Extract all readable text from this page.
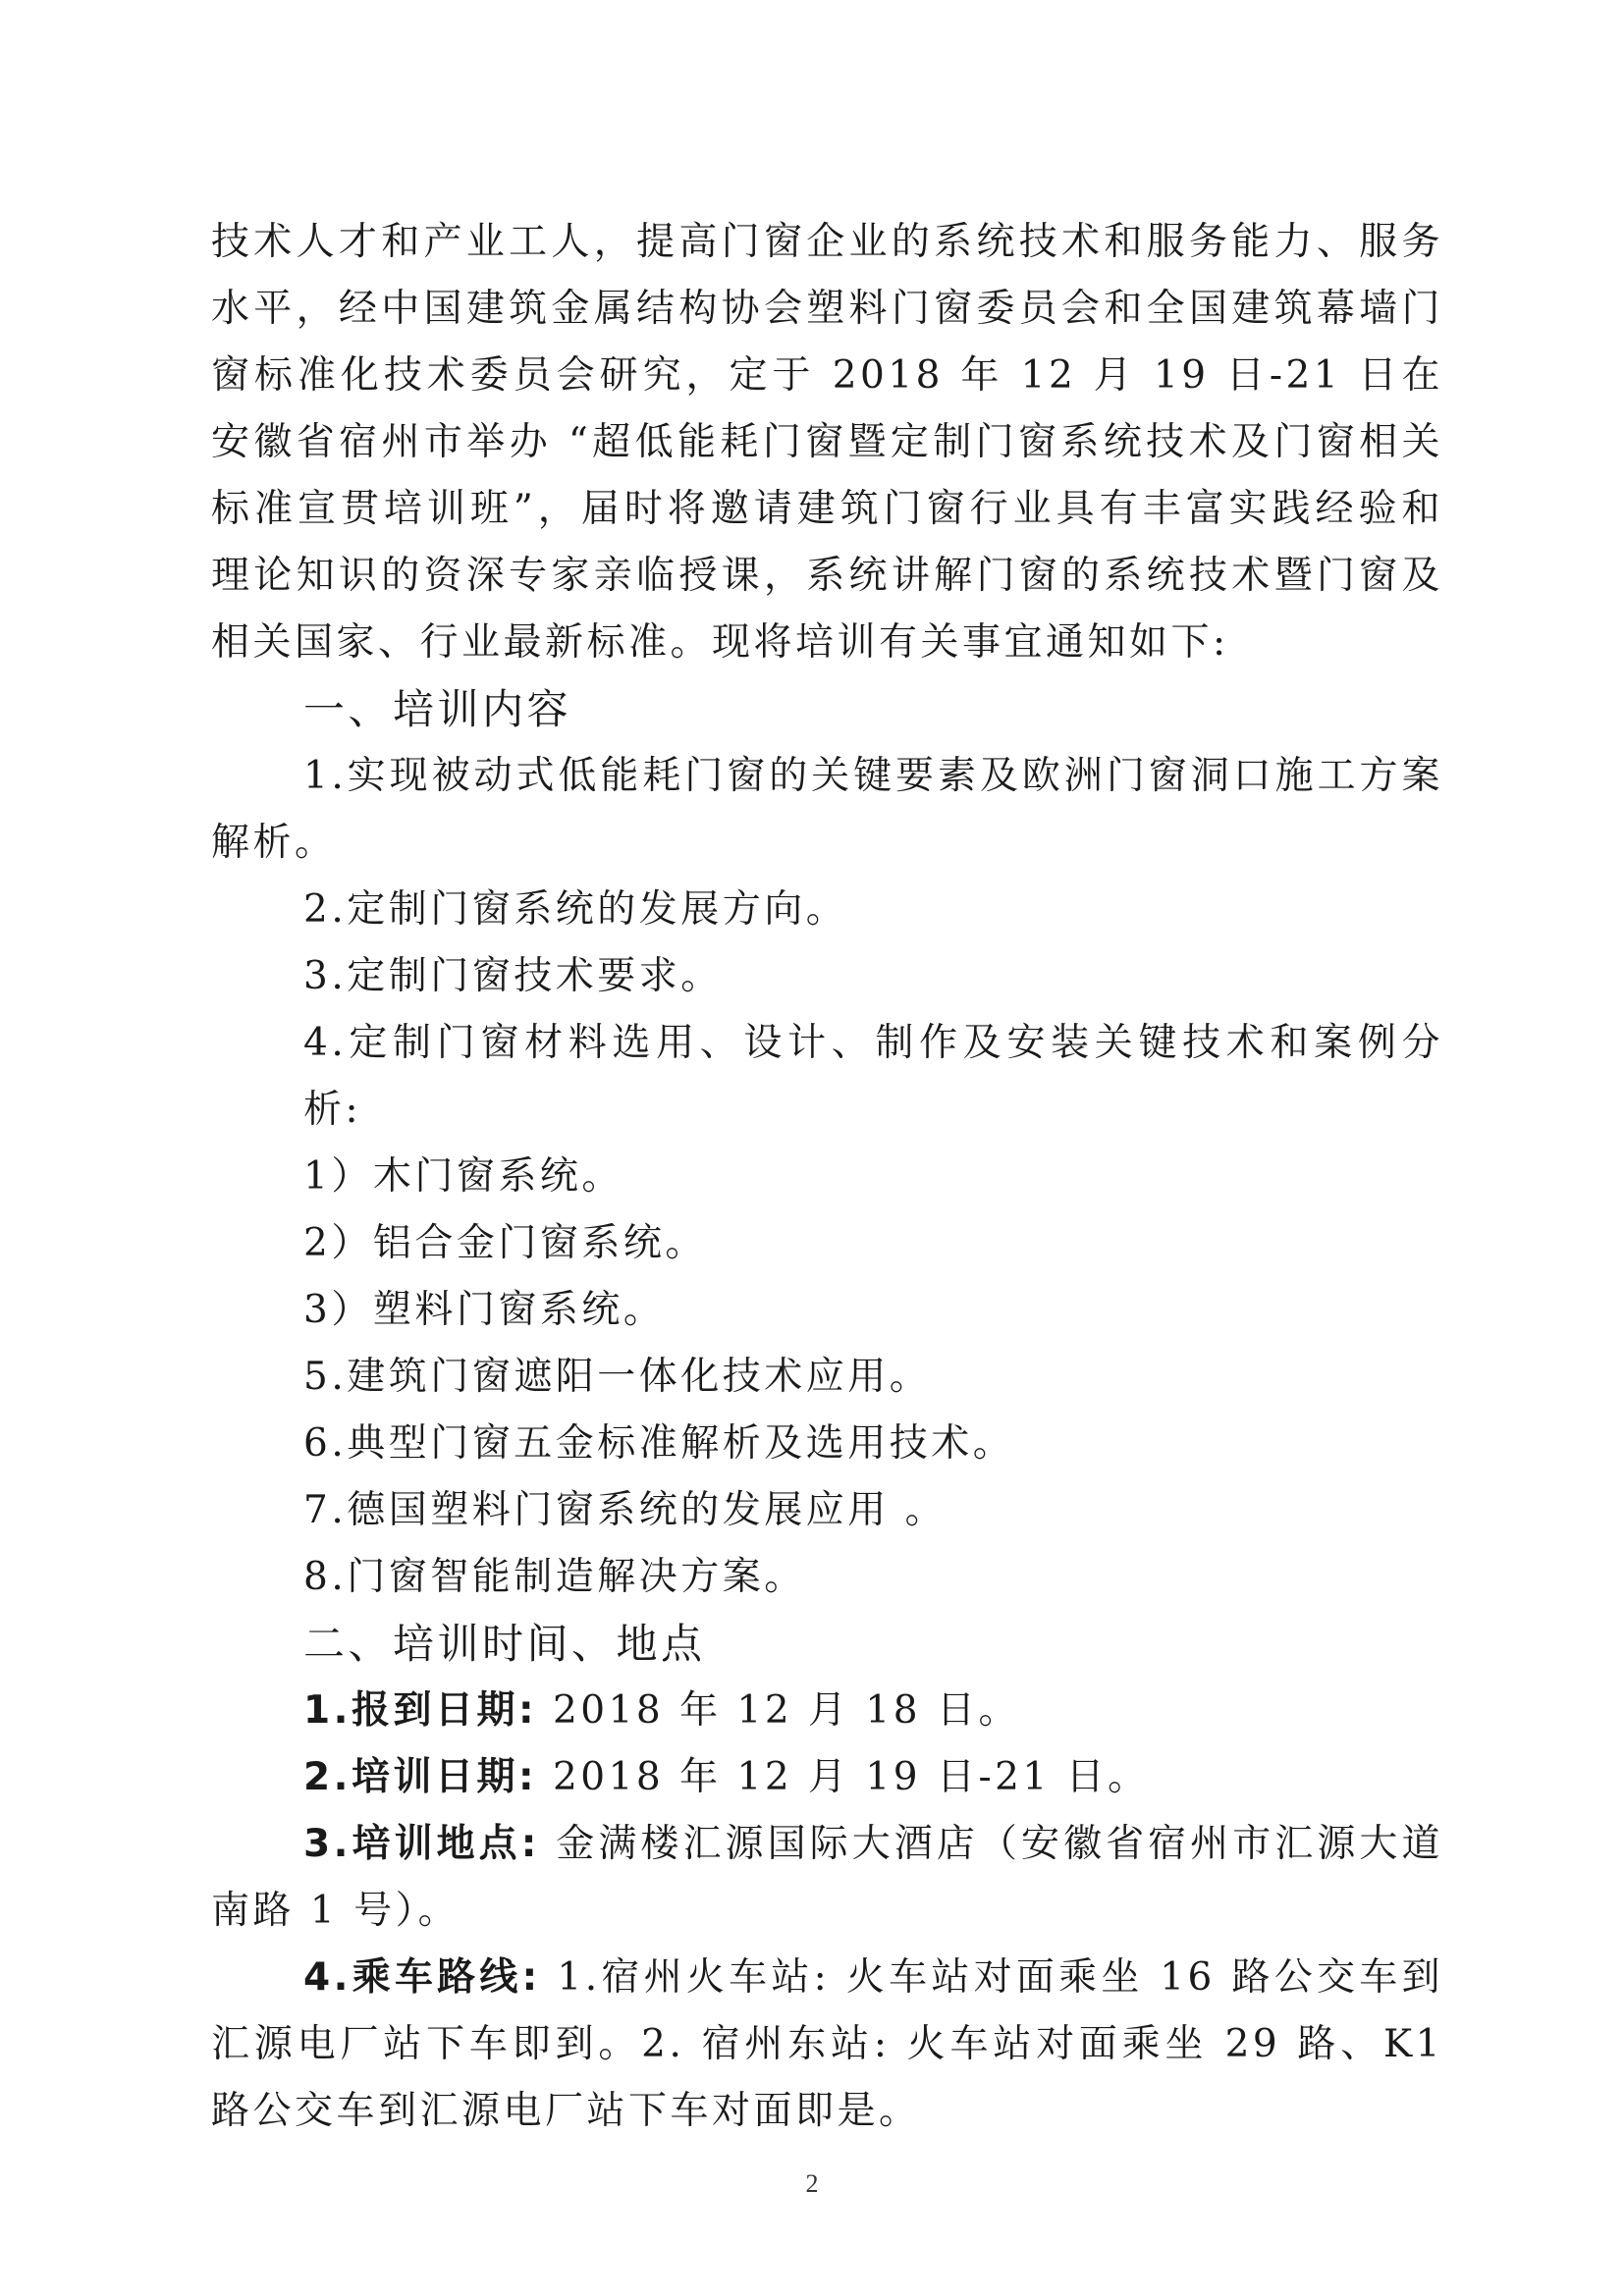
技术人才和产业工人，提高门窗企业的系统技术和服务能力、服务水平，经中国建筑金属结构协会塑料门窗委员会和全国建筑幕墙门窗标准化技术委员会研究，定于 2018 年 12 月 19 日-21 日在安徽省宿州市举办 “超低能耗门窗暨定制门窗系统技术及门窗相关标准宣贯培训班”，届时将邀请建筑门窗行业具有丰富实践经验和理论知识的资深专家亲临授课，系统讲解门窗的系统技术暨门窗及相关国家、行业最新标准。现将培训有关事宜通知如下:

一、培训内容

1.实现被动式低能耗门窗的关键要素及欧洲门窗洞口施工方案解析。

2.定制门窗系统的发展方向。

3.定制门窗技术要求。

4.定制门窗材料选用、设计、制作及安装关键技术和案例分析:

1）木门窗系统。

2）铝合金门窗系统。

3）塑料门窗系统。

5.建筑门窗遮阳一体化技术应用。

6.典型门窗五金标准解析及选用技术。

7.德国塑料门窗系统的发展应用 。

8.门窗智能制造解决方案。

二、培训时间、地点

1.报到日期: 2018 年 12 月 18 日。

2.培训日期: 2018 年 12 月 19 日-21 日。

3.培训地点: 金满楼汇源国际大酒店（安徽省宿州市汇源大道南路 1 号）。

4.乘车路线: 1.宿州火车站: 火车站对面乘坐 16 路公交车到汇源电厂站下车即到。2. 宿州东站: 火车站对面乘坐 29 路、K1 路公交车到汇源电厂站下车对面即是。

2
